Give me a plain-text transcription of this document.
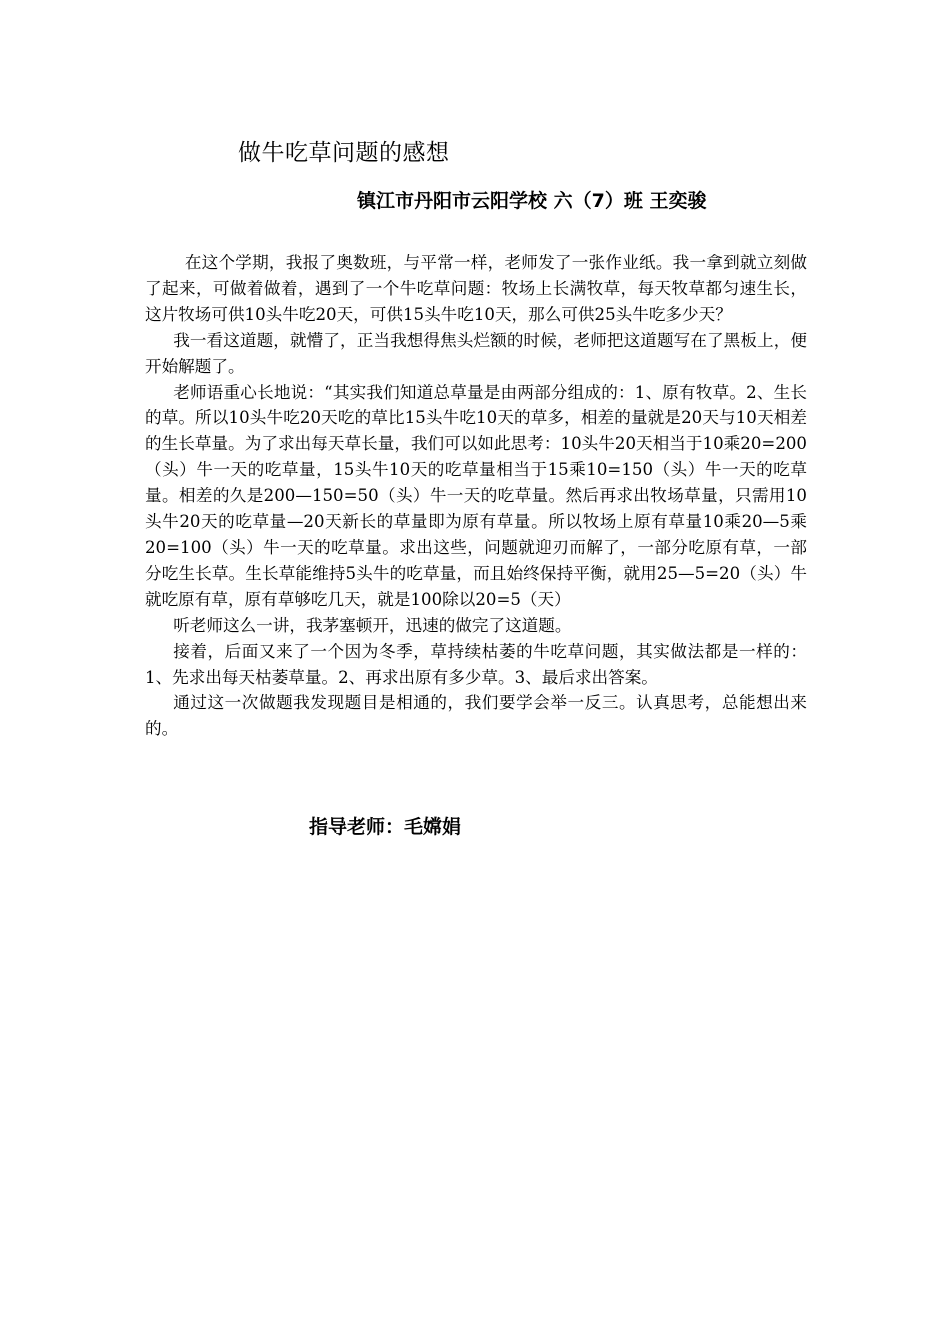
做牛吃草问题的感想
镇江市丹阳市云阳学校 六（7）班 王奕骏

在这个学期，我报了奥数班，与平常一样，老师发了一张作业纸。我一拿到就立刻做了起来，可做着做着，遇到了一个牛吃草问题：牧场上长满牧草，每天牧草都匀速生长，这片牧场可供10头牛吃20天，可供15头牛吃10天，那么可供25头牛吃多少天？

我一看这道题，就懵了，正当我想得焦头烂额的时候，老师把这道题写在了黑板上，便开始解题了。

老师语重心长地说：“其实我们知道总草量是由两部分组成的：1、原有牧草。2、生长的草。所以10头牛吃20天吃的草比15头牛吃10天的草多，相差的量就是20天与10天相差的生长草量。为了求出每天草长量，我们可以如此思考：10头牛20天相当于10乘20=200（头）牛一天的吃草量，15头牛10天的吃草量相当于15乘10=150（头）牛一天的吃草量。相差的久是200—150=50（头）牛一天的吃草量。然后再求出牧场草量，只需用10头牛20天的吃草量—20天新长的草量即为原有草量。所以牧场上原有草量10乘20—5乘20=100（头）牛一天的吃草量。求出这些，问题就迎刃而解了，一部分吃原有草，一部分吃生长草。生长草能维持5头牛的吃草量，而且始终保持平衡，就用25—5=20（头）牛就吃原有草，原有草够吃几天，就是100除以20=5（天）

听老师这么一讲，我茅塞顿开，迅速的做完了这道题。

接着，后面又来了一个因为冬季，草持续枯萎的牛吃草问题，其实做法都是一样的：1、先求出每天枯萎草量。2、再求出原有多少草。3、最后求出答案。

通过这一次做题我发现题目是相通的，我们要学会举一反三。认真思考，总能想出来的。

指导老师：毛嫦娟
